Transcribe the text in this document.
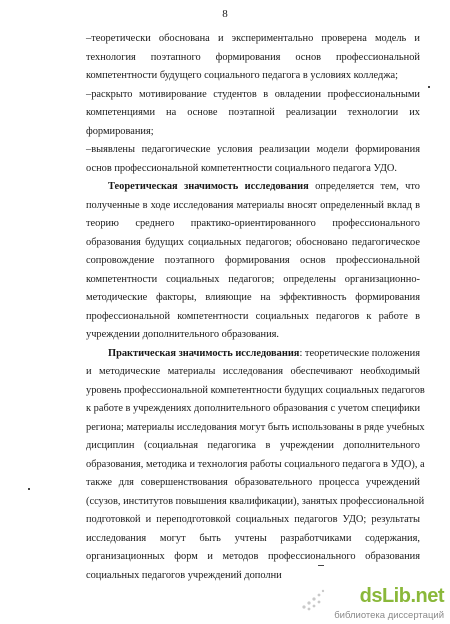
8

–теоретически обоснована и экспериментально проверена модель и
технология поэтапного формирования основ профессиональной
компетентности будущего социального педагога в условиях колледжа;
–раскрыто мотивирование студентов в овладении профессиональными
компетенциями на основе поэтапной реализации технологии их
формирования;
–выявлены педагогические условия реализации модели формирования
основ профессиональной компетентности социального педагога УДО.

Теоретическая значимость исследования определяется тем, что
полученные в ходе исследования материалы вносят определенный вклад в
теорию среднего практико-ориентированного профессионального
образования будущих социальных педагогов; обосновано педагогическое
сопровождение поэтапного формирования основ профессиональной
компетентности социальных педагогов; определены организационно-
методические факторы, влияющие на эффективность формирования
профессиональной компетентности социальных педагогов к работе в
учреждении дополнительного образования.

Практическая значимость исследования: теоретические положения
и методические материалы исследования обеспечивают необходимый
уровень профессиональной компетентности будущих социальных педагогов
к работе в учреждениях дополнительного образования с учетом специфики
региона; материалы исследования могут быть использованы в ряде учебных
дисциплин (социальная педагогика в учреждении дополнительного
образования, методика и технология работы социального педагога в УДО), а
также для совершенствования образовательного процесса учреждений
(ссузов, институтов повышения квалификации), занятых профессиональной
подготовкой и переподготовкой социальных педагогов УДО; результаты
исследования могут быть учтены разработчиками содержания,
организационных форм и методов профессионального образования
социальных педагогов учреждений дополни

dsLib.net
библиотека диссертаций
